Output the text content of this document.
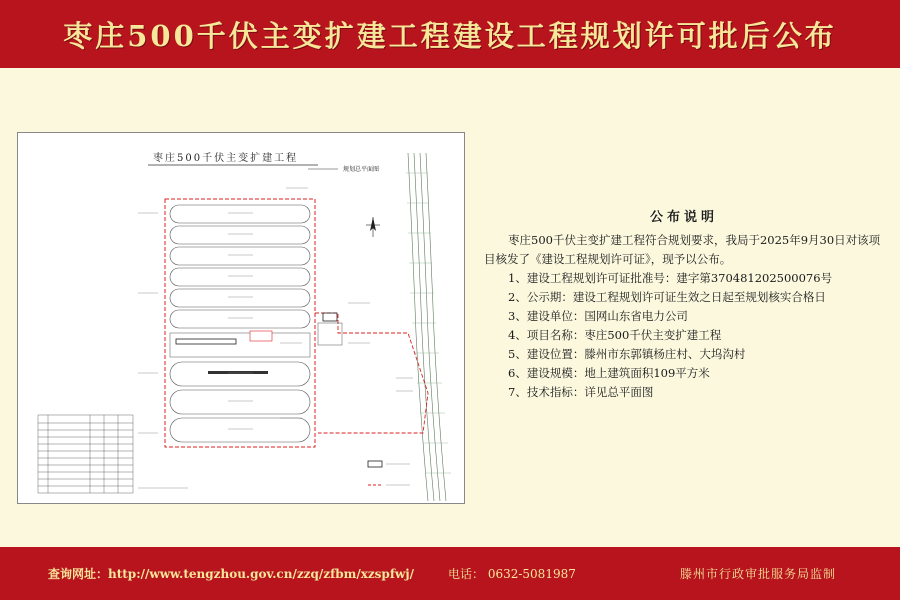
枣庄500千伏主变扩建工程建设工程规划许可批后公布
枣庄500千伏主变扩建工程
规划总平面图
公布说明

枣庄500千伏主变扩建工程符合规划要求，我局于2025年9月30日对该项目核发了《建设工程规划许可证》，现予以公布。

1、建设工程规划许可证批准号：建字第370481202500076号

2、公示期：建设工程规划许可证生效之日起至规划核实合格日

3、建设单位：国网山东省电力公司

4、项目名称：枣庄500千伏主变扩建工程

5、建设位置：滕州市东郭镇杨庄村、大坞沟村

6、建设规模：地上建筑面积109平方米

7、技术指标：详见总平面图

查询网址：http://www.tengzhou.gov.cn/zzq/zfbm/xzspfwj/	电话： 0632-5081987	滕州市行政审批服务局监制
